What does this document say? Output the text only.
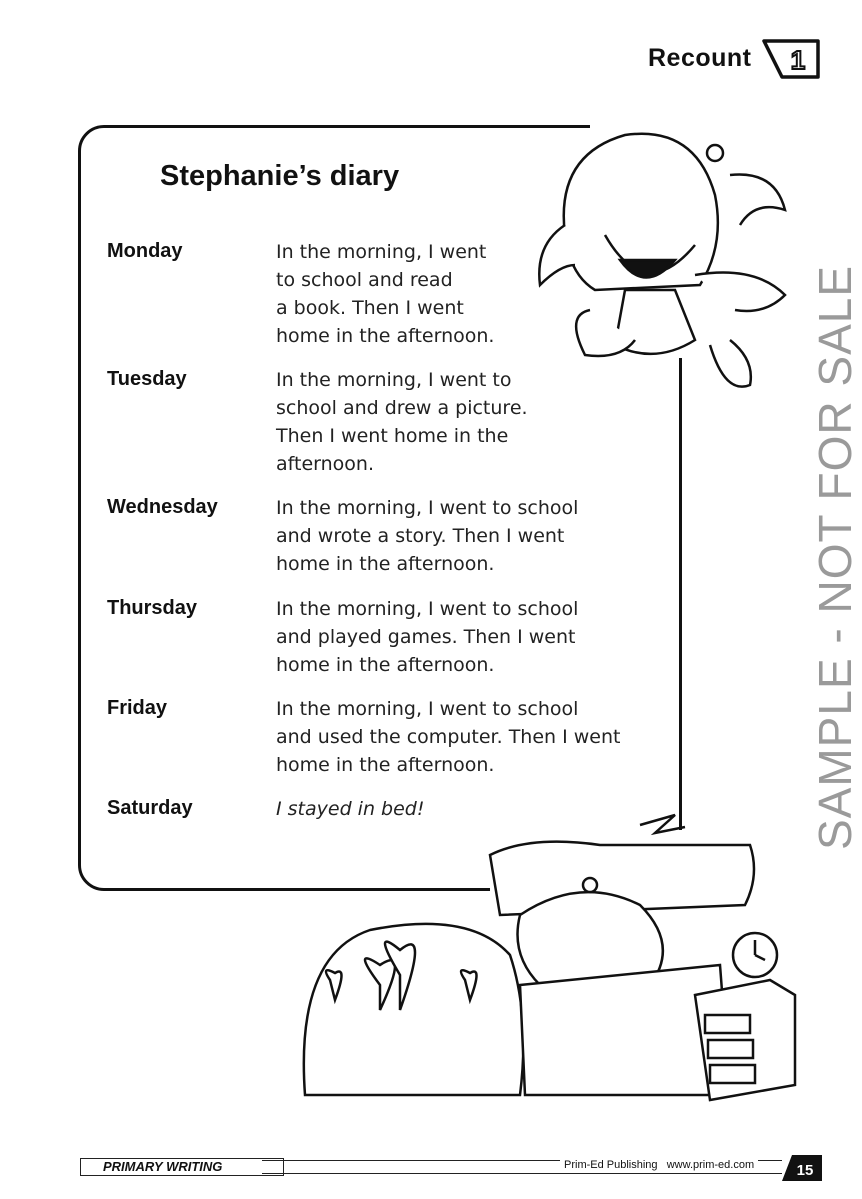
Recount 1
Stephanie’s diary
Monday	In the morning, I went
to school and read
a book. Then I went
home in the afternoon.
Tuesday	In the morning, I went to
school and drew a picture.
Then I went home in the
afternoon.
Wednesday	In the morning, I went to school
and wrote a story. Then I went
home in the afternoon.
Thursday	In the morning, I went to school
and played games. Then I went
home in the afternoon.
Friday	In the morning, I went to school
and used the computer. Then I went
home in the afternoon.
Saturday	I stayed in bed!	SAMPLE - NOT FOR SALE
PRIMARY WRITING	Prim-Ed Publishing www.prim-ed.com	15
